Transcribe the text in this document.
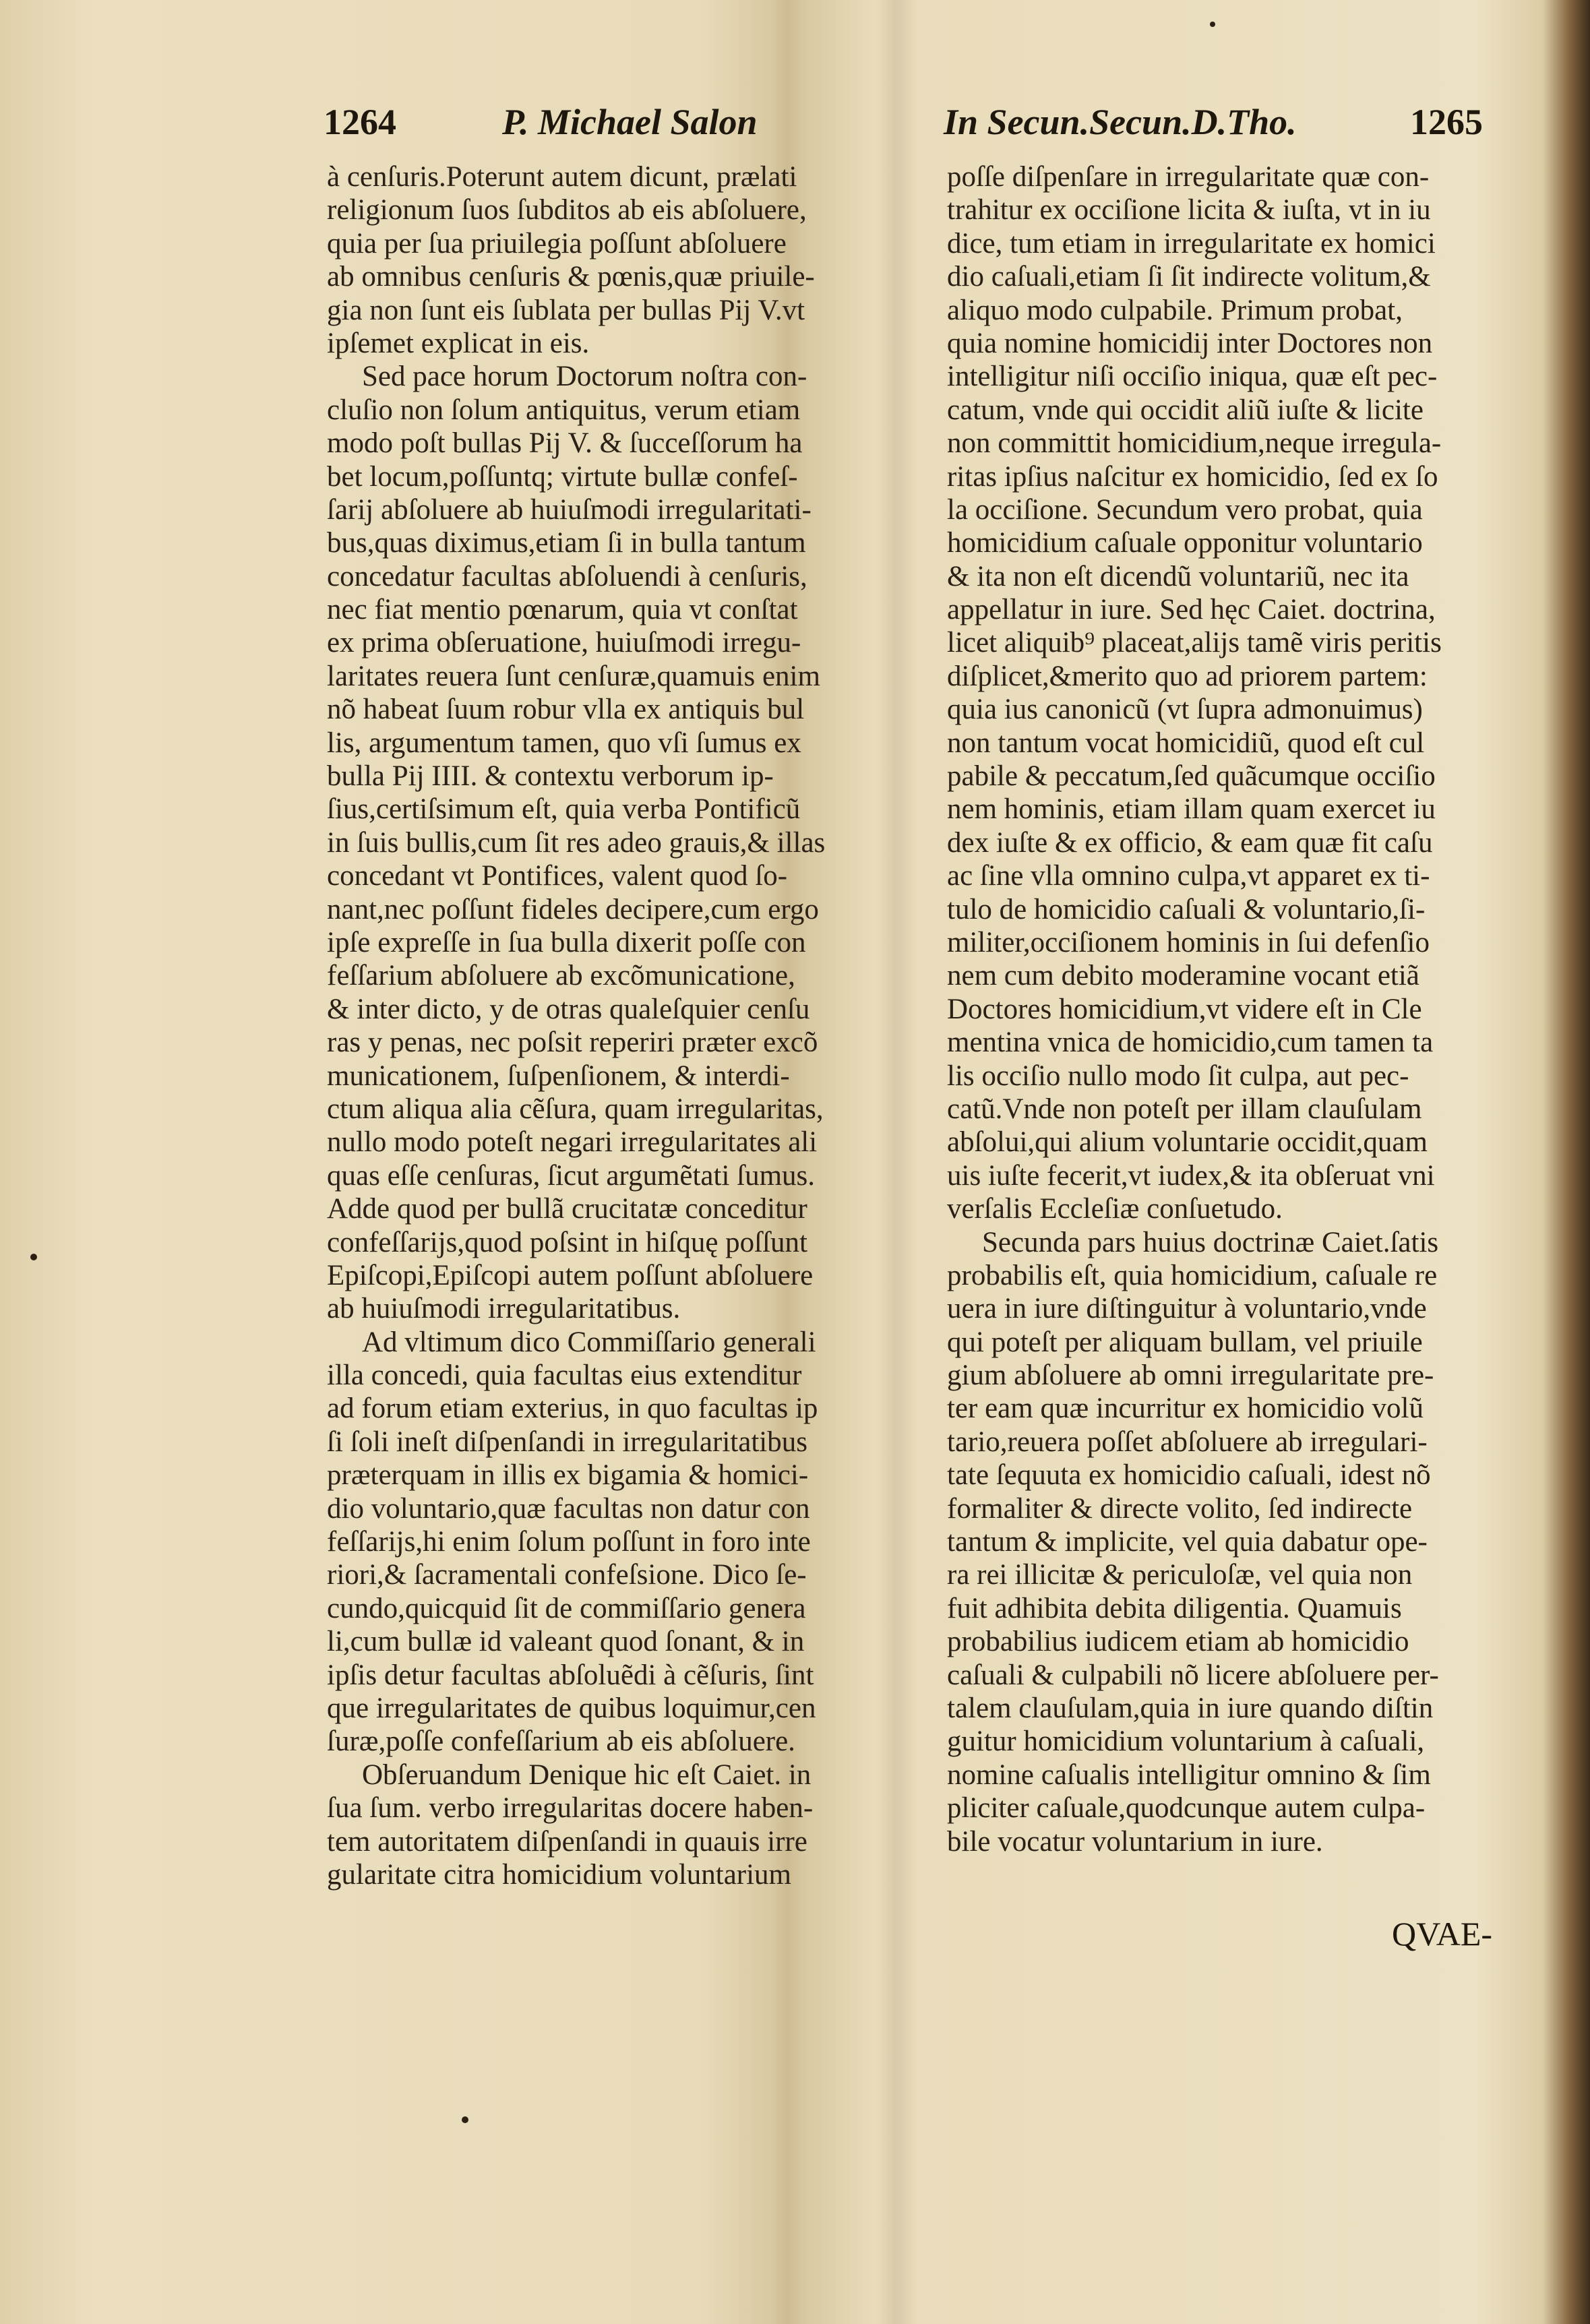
1264	P. Michael Salon	In Secun.Secun.D.Tho.	1265
à cenſuris.Poterunt autem dicunt, prælati
religionum ſuos ſubditos ab eis abſoluere,
quia per ſua priuilegia poſſunt abſoluere
ab omnibus cenſuris & pœnis,quæ priuile-
gia non ſunt eis ſublata per bullas Pij V.vt
ipſemet explicat in eis.
Sed pace horum Doctorum noſtra con-
cluſio non ſolum antiquitus, verum etiam
modo poſt bullas Pij V. & ſucceſſorum ha
bet locum,poſſuntq; virtute bullæ confeſ-
ſarij abſoluere ab huiuſmodi irregularitati-
bus,quas diximus,etiam ſi in bulla tantum
concedatur facultas abſoluendi à cenſuris,
nec fiat mentio pœnarum, quia vt conſtat
ex prima obſeruatione, huiuſmodi irregu-
laritates reuera ſunt cenſuræ,quamuis enim
nõ habeat ſuum robur vlla ex antiquis bul
lis, argumentum tamen, quo vſi ſumus ex
bulla Pij IIII. & contextu verborum ip-
ſius,certiſsimum eſt, quia verba Pontificũ
in ſuis bullis,cum ſit res adeo grauis,& illas
concedant vt Pontifices, valent quod ſo-
nant,nec poſſunt fideles decipere,cum ergo
ipſe expreſſe in ſua bulla dixerit poſſe con
feſſarium abſoluere ab excõmunicatione,
& inter dicto, y de otras qualeſquier cenſu
ras y penas, nec poſsit reperiri præter excõ
municationem, ſuſpenſionem, & interdi-
ctum aliqua alia cẽſura, quam irregularitas,
nullo modo poteſt negari irregularitates ali
quas eſſe cenſuras, ſicut argumẽtati ſumus.
Adde quod per bullã crucitatæ conceditur
confeſſarijs,quod poſsint in hiſquę poſſunt
Epiſcopi,Epiſcopi autem poſſunt abſoluere
ab huiuſmodi irregularitatibus.
Ad vltimum dico Commiſſario generali
illa concedi, quia facultas eius extenditur
ad forum etiam exterius, in quo facultas ip
ſi ſoli ineſt diſpenſandi in irregularitatibus
præterquam in illis ex bigamia & homici-
dio voluntario,quæ facultas non datur con
feſſarijs,hi enim ſolum poſſunt in foro inte
riori,& ſacramentali confeſsione. Dico ſe-
cundo,quicquid ſit de commiſſario genera
li,cum bullæ id valeant quod ſonant, & in
ipſis detur facultas abſoluẽdi à cẽſuris, ſint
que irregularitates de quibus loquimur,cen
ſuræ,poſſe confeſſarium ab eis abſoluere.
Obſeruandum Denique hic eſt Caiet. in
ſua ſum. verbo irregularitas docere haben-
tem autoritatem diſpenſandi in quauis irre
gularitate citra homicidium voluntarium
poſſe diſpenſare in irregularitate quæ con-
trahitur ex occiſione licita & iuſta, vt in iu
dice, tum etiam in irregularitate ex homici
dio caſuali,etiam ſi ſit indirecte volitum,&
aliquo modo culpabile. Primum probat,
quia nomine homicidij inter Doctores non
intelligitur niſi occiſio iniqua, quæ eſt pec-
catum, vnde qui occidit aliũ iuſte & licite
non committit homicidium,neque irregula-
ritas ipſius naſcitur ex homicidio, ſed ex ſo
la occiſione. Secundum vero probat, quia
homicidium caſuale opponitur voluntario
& ita non eſt dicendũ voluntariũ, nec ita
appellatur in iure. Sed hęc Caiet. doctrina,
licet aliquib⁹ placeat,alijs tamẽ viris peritis
diſplicet,&merito quo ad priorem partem:
quia ius canonicũ (vt ſupra admonuimus)
non tantum vocat homicidiũ, quod eſt cul
pabile & peccatum,ſed quãcumque occiſio
nem hominis, etiam illam quam exercet iu
dex iuſte & ex officio, & eam quæ fit caſu
ac ſine vlla omnino culpa,vt apparet ex ti-
tulo de homicidio caſuali & voluntario,ſi-
militer,occiſionem hominis in ſui defenſio
nem cum debito moderamine vocant etiã
Doctores homicidium,vt videre eſt in Cle
mentina vnica de homicidio,cum tamen ta
lis occiſio nullo modo ſit culpa, aut pec-
catũ.Vnde non poteſt per illam clauſulam
abſolui,qui alium voluntarie occidit,quam
uis iuſte fecerit,vt iudex,& ita obſeruat vni
verſalis Eccleſiæ conſuetudo.
Secunda pars huius doctrinæ Caiet.ſatis
probabilis eſt, quia homicidium, caſuale re
uera in iure diſtinguitur à voluntario,vnde
qui poteſt per aliquam bullam, vel priuile
gium abſoluere ab omni irregularitate pre-
ter eam quæ incurritur ex homicidio volũ
tario,reuera poſſet abſoluere ab irregulari-
tate ſequuta ex homicidio caſuali, idest nõ
formaliter & directe volito, ſed indirecte
tantum & implicite, vel quia dabatur ope-
ra rei illicitæ & periculoſæ, vel quia non
fuit adhibita debita diligentia. Quamuis
probabilius iudicem etiam ab homicidio
caſuali & culpabili nõ licere abſoluere per-
talem clauſulam,quia in iure quando diſtin
guitur homicidium voluntarium à caſuali,
nomine caſualis intelligitur omnino & ſim
pliciter caſuale,quodcunque autem culpa-
bile vocatur voluntarium in iure.
QVAE-
